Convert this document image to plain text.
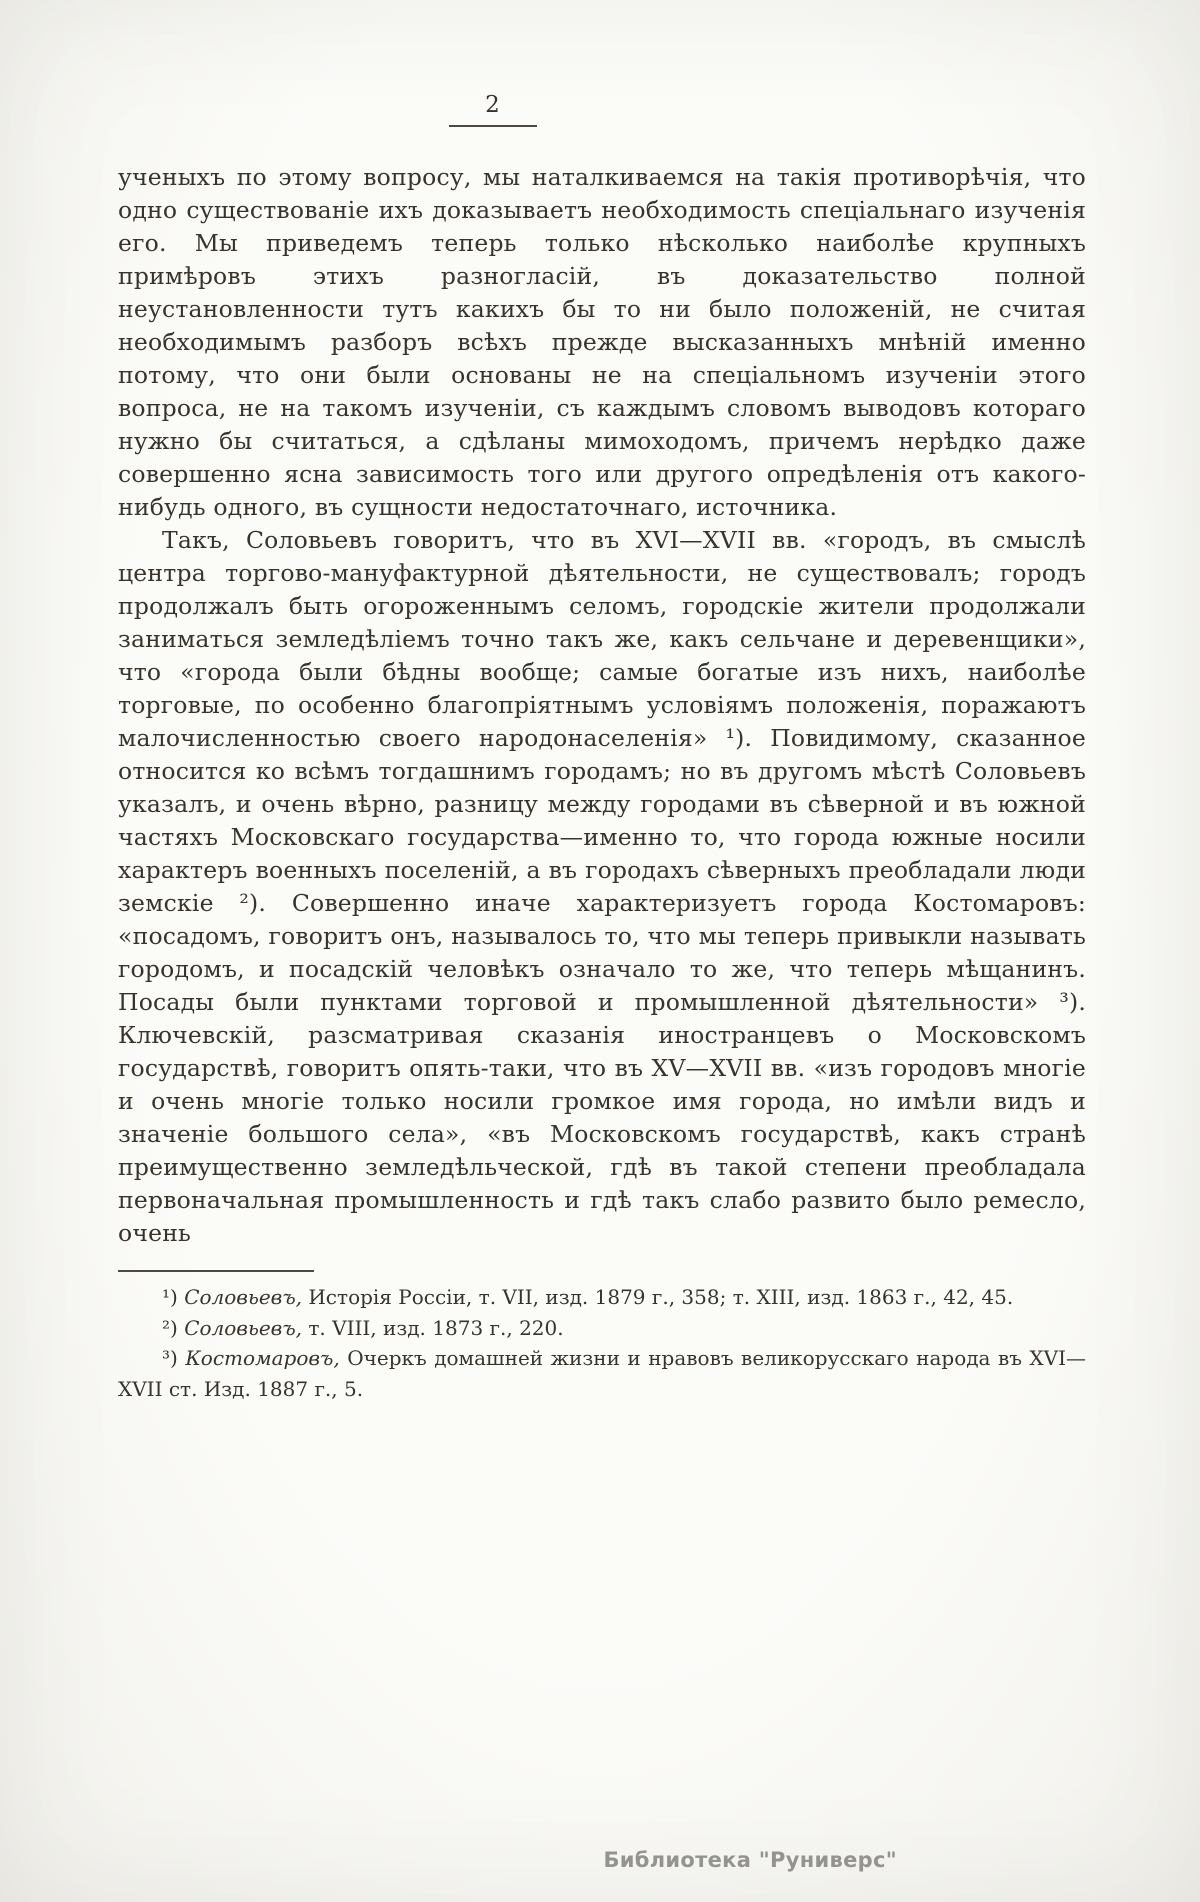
2

ученыхъ по этому вопросу, мы наталкиваемся на такія противорѣчія, что одно существованіе ихъ доказываетъ необходимость спеціальнаго изученія его. Мы приведемъ теперь только нѣсколько наиболѣе крупныхъ примѣровъ этихъ разногласій, въ доказательство полной неустановленности тутъ какихъ бы то ни было положеній, не считая необходимымъ разборъ всѣхъ прежде высказанныхъ мнѣній именно потому, что они были основаны не на спеціальномъ изученіи этого вопроса, не на такомъ изученіи, съ каждымъ словомъ выводовъ котораго нужно бы считаться, а сдѣланы мимоходомъ, причемъ нерѣдко даже совершенно ясна зависимость того или другого опредѣленія отъ какого-нибудь одного, въ сущности недостаточнаго, источника.

Такъ, Соловьевъ говоритъ, что въ XVI—XVII вв. «городъ, въ смыслѣ центра торгово-мануфактурной дѣятельности, не существовалъ; городъ продолжалъ быть огороженнымъ селомъ, городскіе жители продолжали заниматься земледѣліемъ точно такъ же, какъ сельчане и деревенщики», что «города были бѣдны вообще; самые богатые изъ нихъ, наиболѣе торговые, по особенно благопріятнымъ условіямъ положенія, поражаютъ малочисленностью своего народонаселенія» ¹). Повидимому, сказанное относится ко всѣмъ тогдашнимъ городамъ; но въ другомъ мѣстѣ Соловьевъ указалъ, и очень вѣрно, разницу между городами въ сѣверной и въ южной частяхъ Московскаго государства—именно то, что города южные носили характеръ военныхъ поселеній, а въ городахъ сѣверныхъ преобладали люди земскіе ²). Совершенно иначе характеризуетъ города Костомаровъ: «посадомъ, говоритъ онъ, называлось то, что мы теперь привыкли называть городомъ, и посадскій человѣкъ означало то же, что теперь мѣщанинъ. Посады были пунктами торговой и промышленной дѣятельности» ³). Ключевскій, разсматривая сказанія иностранцевъ о Московскомъ государствѣ, говоритъ опять-таки, что въ XV—XVII вв. «изъ городовъ многіе и очень многіе только носили громкое имя города, но имѣли видъ и значеніе большого села», «въ Московскомъ государствѣ, какъ странѣ преимущественно земледѣльческой, гдѣ въ такой степени преобладала первоначальная промышленность и гдѣ такъ слабо развито было ремесло, очень

¹) Соловьевъ, Исторія Россіи, т. VII, изд. 1879 г., 358; т. XIII, изд. 1863 г., 42, 45.

²) Соловьевъ, т. VIII, изд. 1873 г., 220.

³) Костомаровъ, Очеркъ домашней жизни и нравовъ великорусскаго народа въ XVI—XVII ст. Изд. 1887 г., 5.

Библиотека "Руниверс"
